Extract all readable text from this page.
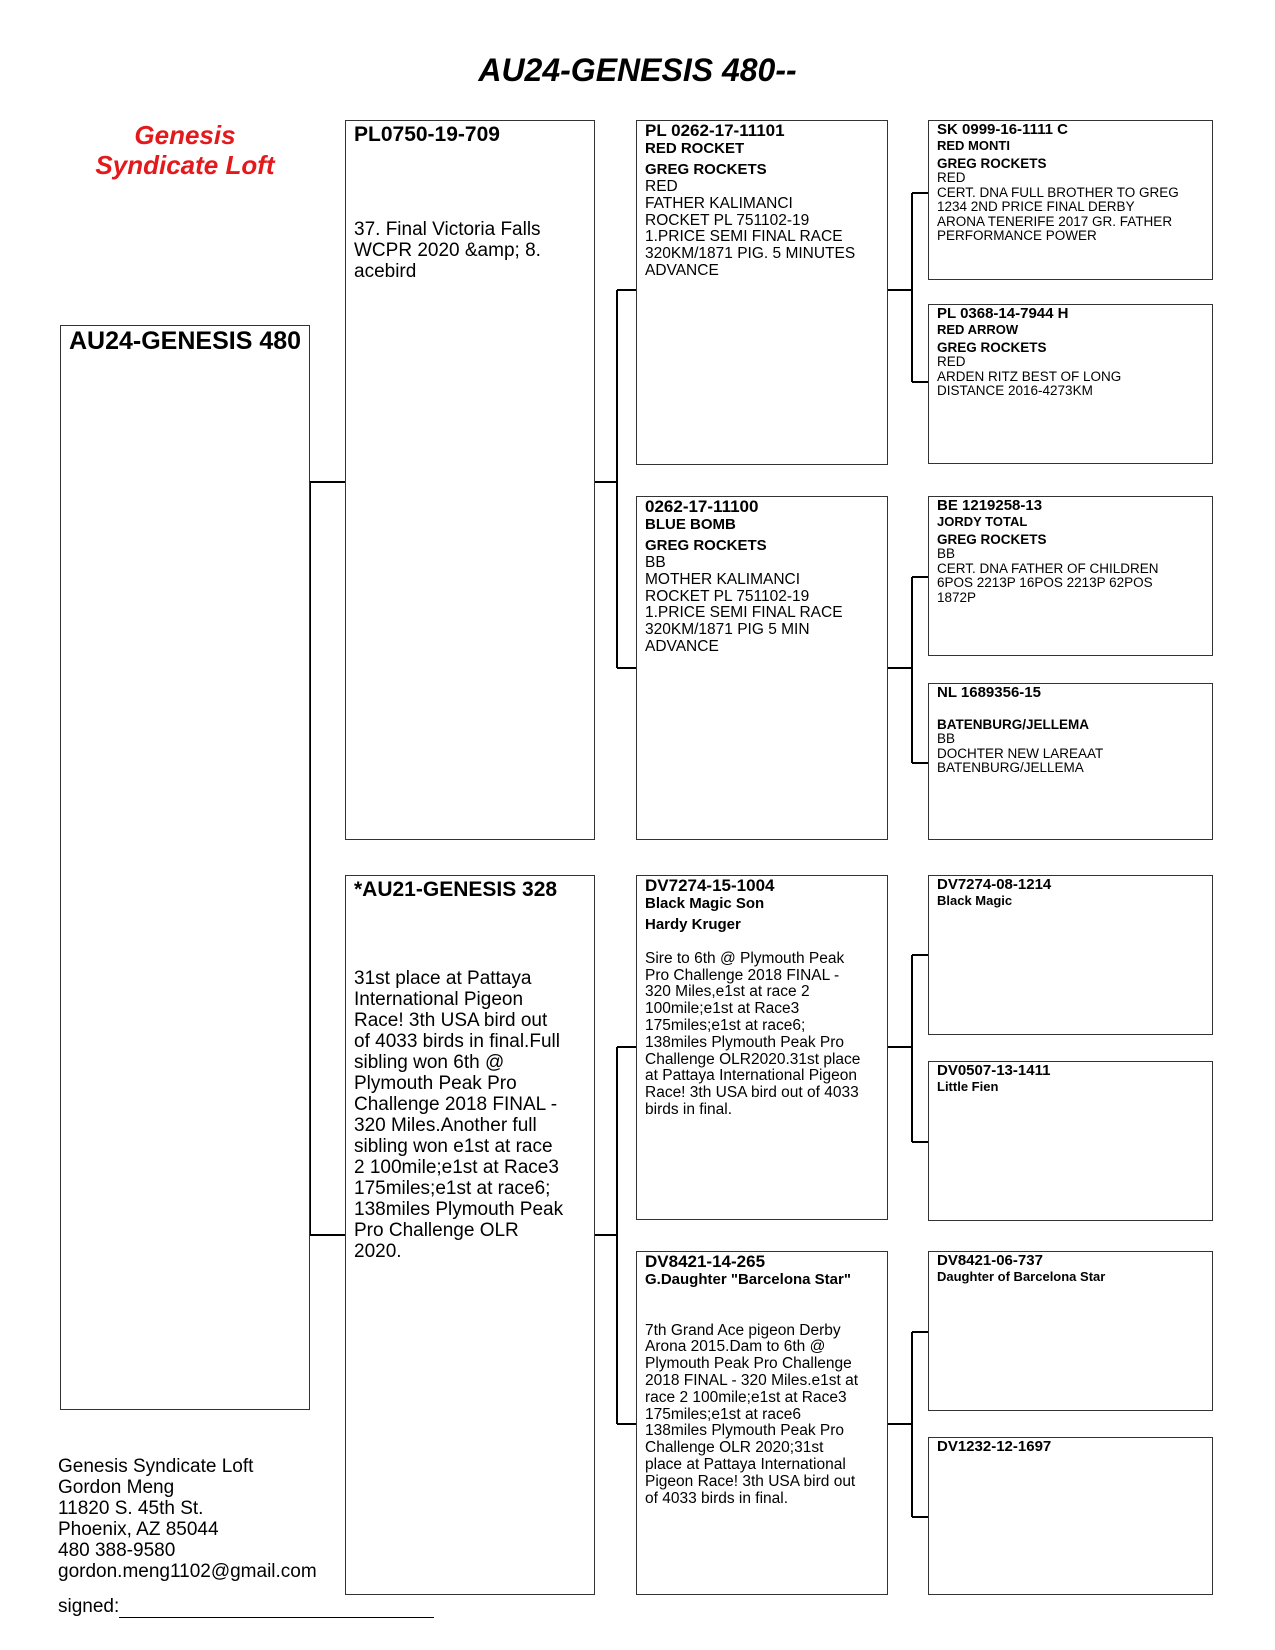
AU24-GENESIS 480--
Genesis
Syndicate Loft
AU24-GENESIS 480
PL0750-19-709
37. Final Victoria Falls
WCPR 2020 &amp; 8.
acebird
*AU21-GENESIS 328
31st place at Pattaya
International Pigeon
Race! 3th USA bird out
of 4033 birds in final.Full
sibling won 6th @
Plymouth Peak Pro
Challenge 2018 FINAL -
320 Miles.Another full
sibling won e1st at race
2 100mile;e1st at Race3
175miles;e1st at race6;
138miles Plymouth Peak
Pro Challenge OLR
2020.
PL 0262-17-11101
RED ROCKET
GREG ROCKETS
RED
FATHER KALIMANCI
ROCKET PL 751102-19
1.PRICE SEMI FINAL RACE
320KM/1871 PIG. 5 MINUTES
ADVANCE
0262-17-11100
BLUE BOMB
GREG ROCKETS
BB
MOTHER KALIMANCI
ROCKET PL 751102-19
1.PRICE SEMI FINAL RACE
320KM/1871 PIG 5 MIN
ADVANCE
DV7274-15-1004
Black Magic Son
Hardy Kruger

Sire to 6th @ Plymouth Peak
Pro Challenge 2018 FINAL -
320 Miles,e1st at race 2
100mile;e1st at Race3
175miles;e1st at race6;
138miles Plymouth Peak Pro
Challenge OLR2020.31st place
at Pattaya International Pigeon
Race! 3th USA bird out of 4033
birds in final.
DV8421-14-265
G.Daughter "Barcelona Star"

7th Grand Ace pigeon Derby
Arona 2015.Dam to 6th @
Plymouth Peak Pro Challenge
2018 FINAL - 320 Miles.e1st at
race 2 100mile;e1st at Race3
175miles;e1st at race6
138miles Plymouth Peak Pro
Challenge OLR 2020;31st
place at Pattaya International
Pigeon Race! 3th USA bird out
of 4033 birds in final.
SK 0999-16-1111 C
RED MONTI
GREG ROCKETS
RED
CERT. DNA FULL BROTHER TO GREG
1234 2ND PRICE FINAL DERBY
ARONA TENERIFE 2017 GR. FATHER
PERFORMANCE POWER
PL 0368-14-7944 H
RED ARROW
GREG ROCKETS
RED
ARDEN RITZ BEST OF LONG
DISTANCE 2016-4273KM
BE 1219258-13
JORDY TOTAL
GREG ROCKETS
BB
CERT. DNA FATHER OF CHILDREN
6POS 2213P 16POS 2213P 62POS
1872P
NL 1689356-15
BATENBURG/JELLEMA
BB
DOCHTER NEW LAREAAT
BATENBURG/JELLEMA
DV7274-08-1214
Black Magic
DV0507-13-1411
Little Fien
DV8421-06-737
Daughter of Barcelona Star
DV1232-12-1697
Genesis Syndicate Loft
Gordon Meng
11820 S. 45th St.
Phoenix, AZ 85044
480 388-9580
gordon.meng1102@gmail.com
signed:
